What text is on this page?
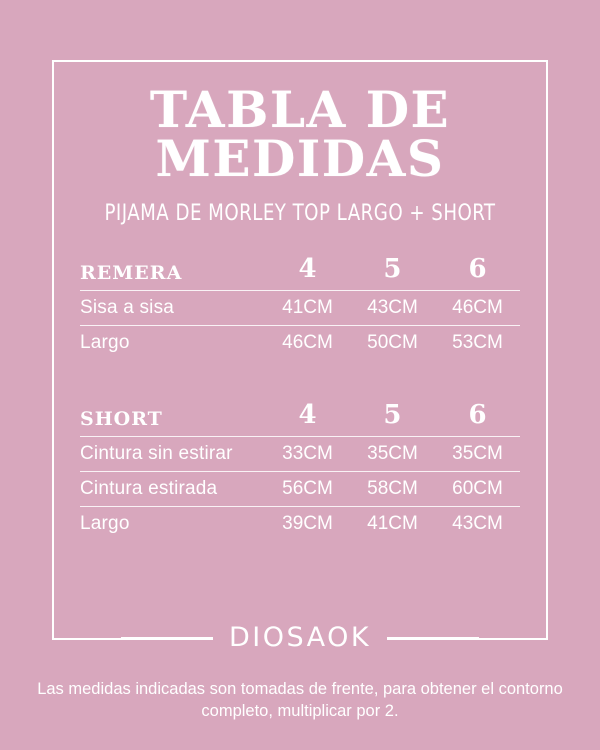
TABLA DE MEDIDAS
PIJAMA DE MORLEY TOP LARGO + SHORT
REMERA	4	5	6
Sisa a sisa	41CM	43CM	46CM
Largo	46CM	50CM	53CM
SHORT	4	5	6
Cintura sin estirar	33CM	35CM	35CM
Cintura estirada	56CM	58CM	60CM
Largo	39CM	41CM	43CM
DIOSAOK
Las medidas indicadas son tomadas de frente, para obtener el contorno completo, multiplicar por 2.
